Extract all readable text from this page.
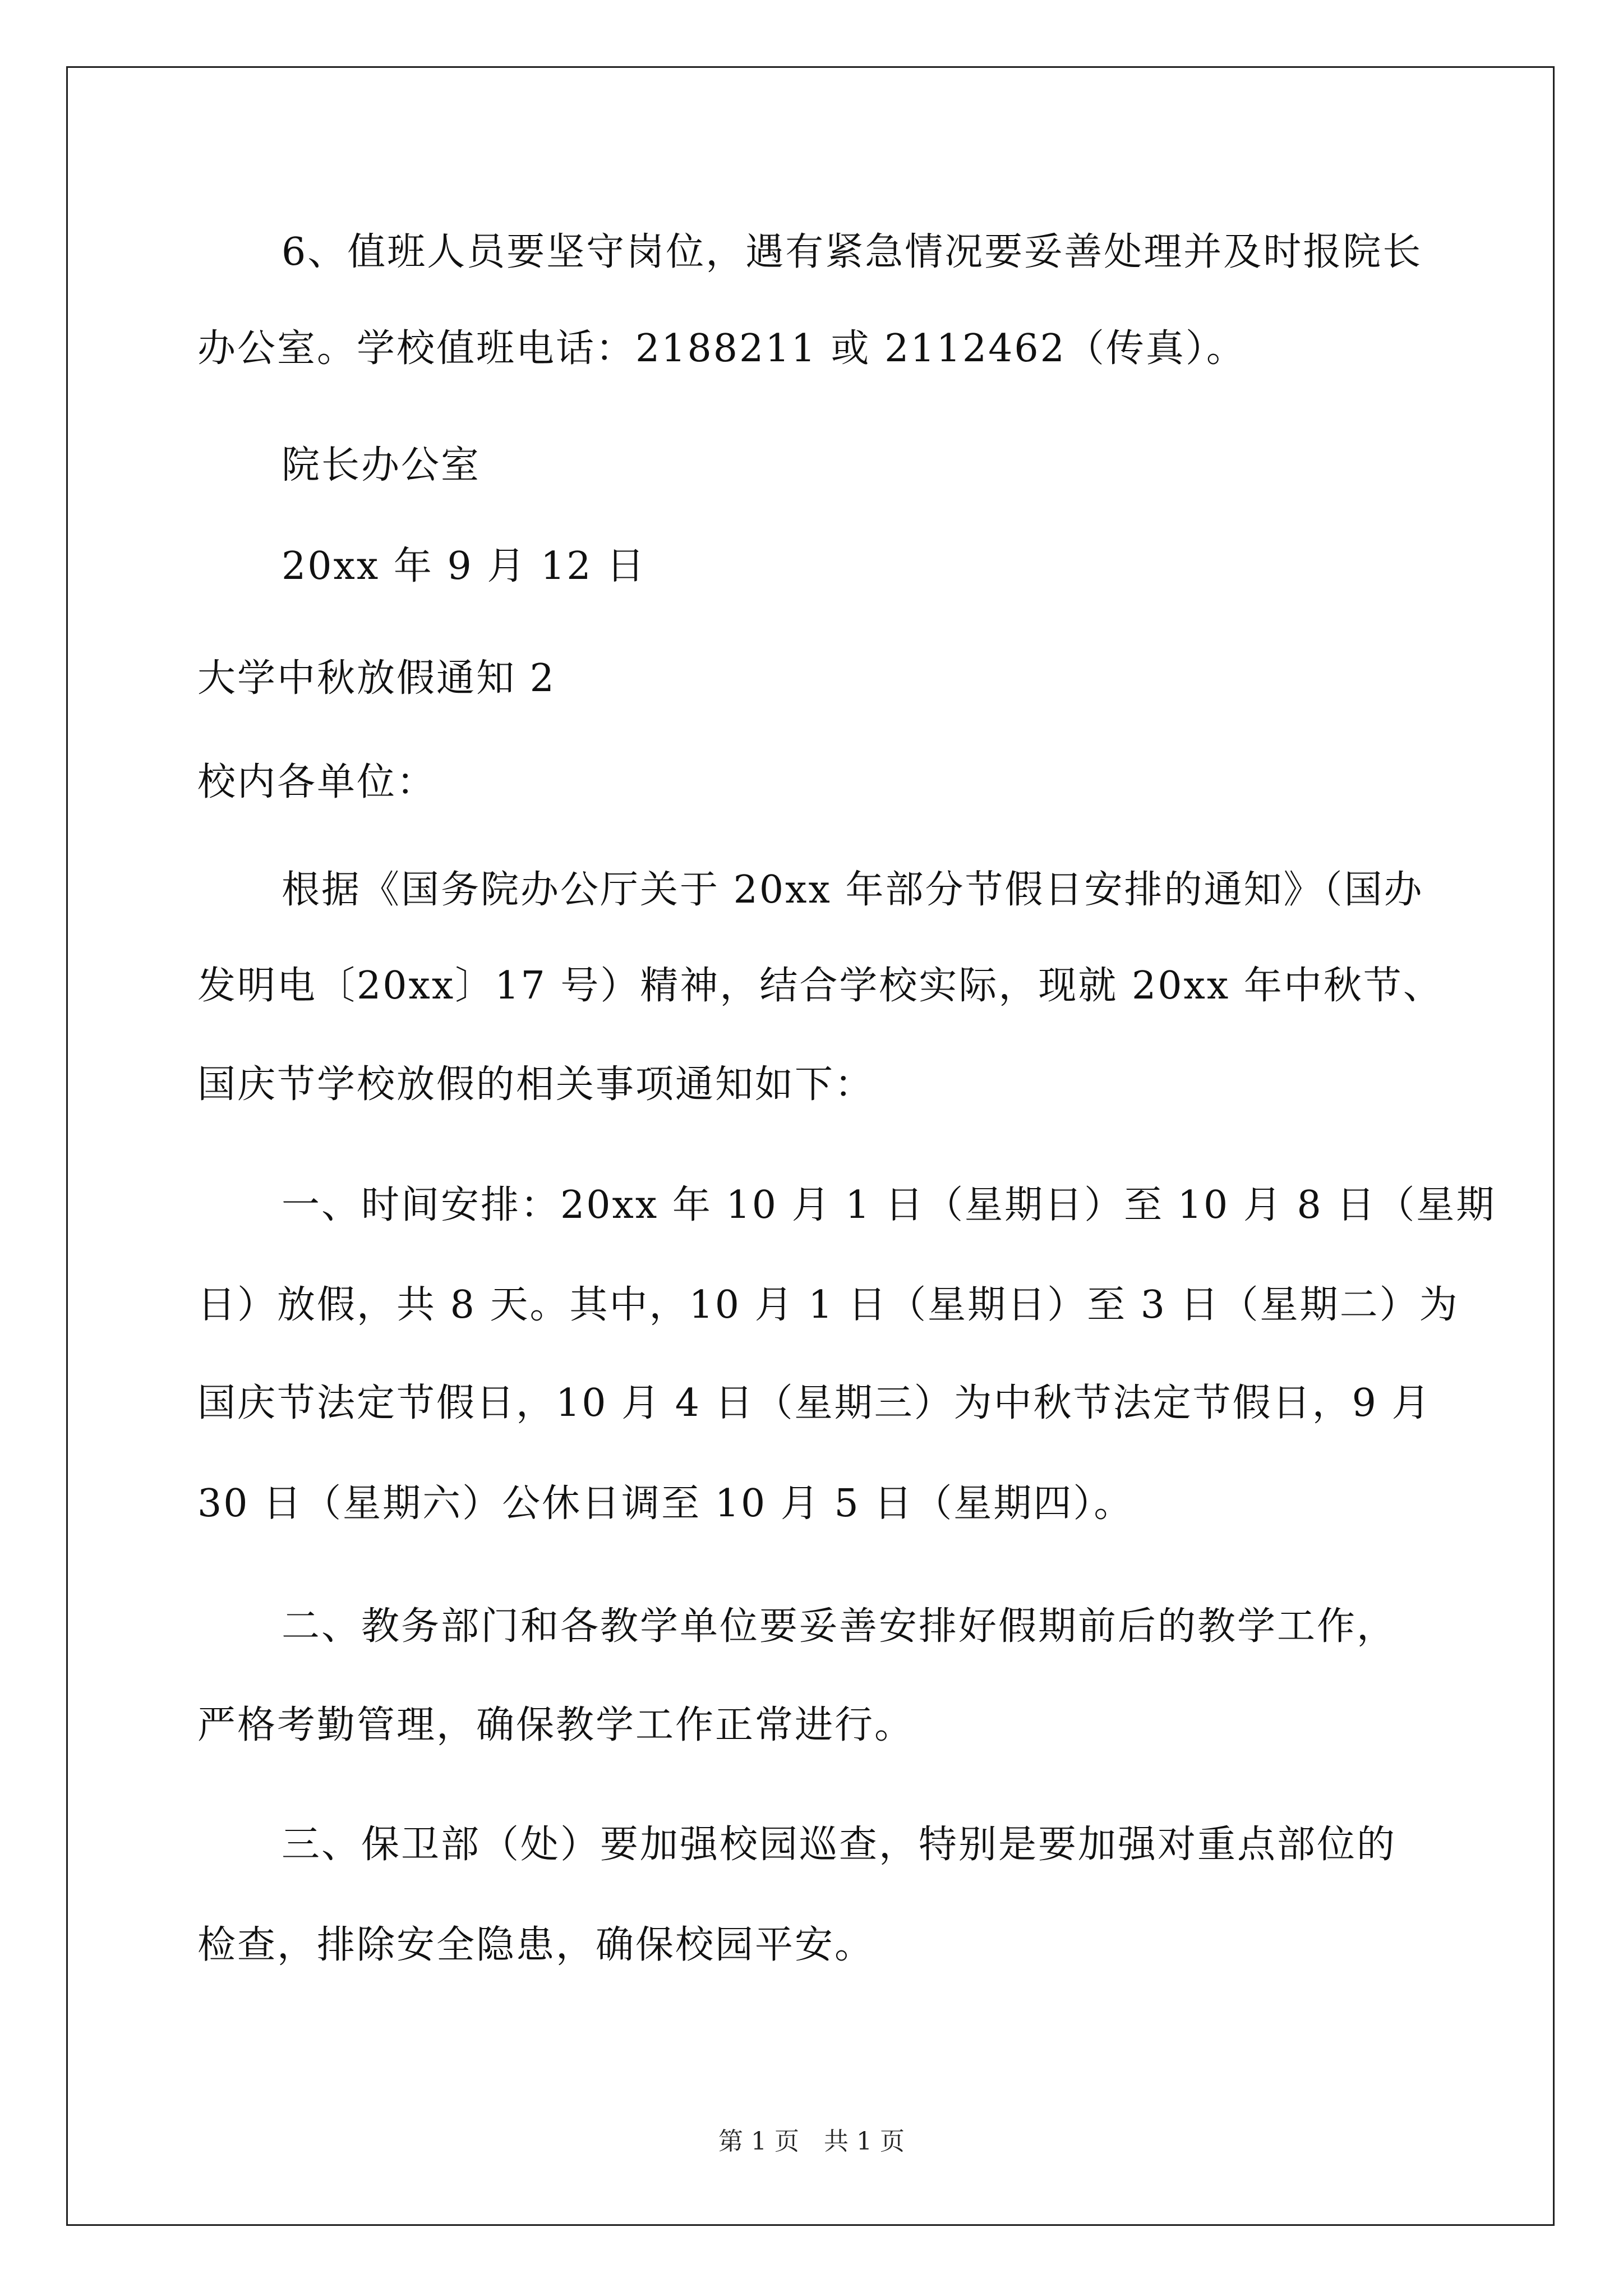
6、值班人员要坚守岗位，遇有紧急情况要妥善处理并及时报院长
办公室。学校值班电话：2188211 或 2112462（传真）。
院长办公室
20xx 年 9 月 12 日
大学中秋放假通知 2
校内各单位：
根据《国务院办公厅关于 20xx 年部分节假日安排的通知》（国办
发明电〔20xx〕17 号）精神，结合学校实际，现就 20xx 年中秋节、
国庆节学校放假的相关事项通知如下：
一、时间安排：20xx 年 10 月 1 日（星期日）至 10 月 8 日（星期
日）放假，共 8 天。其中，10 月 1 日（星期日）至 3 日（星期二）为
国庆节法定节假日，10 月 4 日（星期三）为中秋节法定节假日，9 月
30 日（星期六）公休日调至 10 月 5 日（星期四）。
二、教务部门和各教学单位要妥善安排好假期前后的教学工作，
严格考勤管理，确保教学工作正常进行。
三、保卫部（处）要加强校园巡查，特别是要加强对重点部位的
检查，排除安全隐患，确保校园平安。
第 1 页　共 1 页
